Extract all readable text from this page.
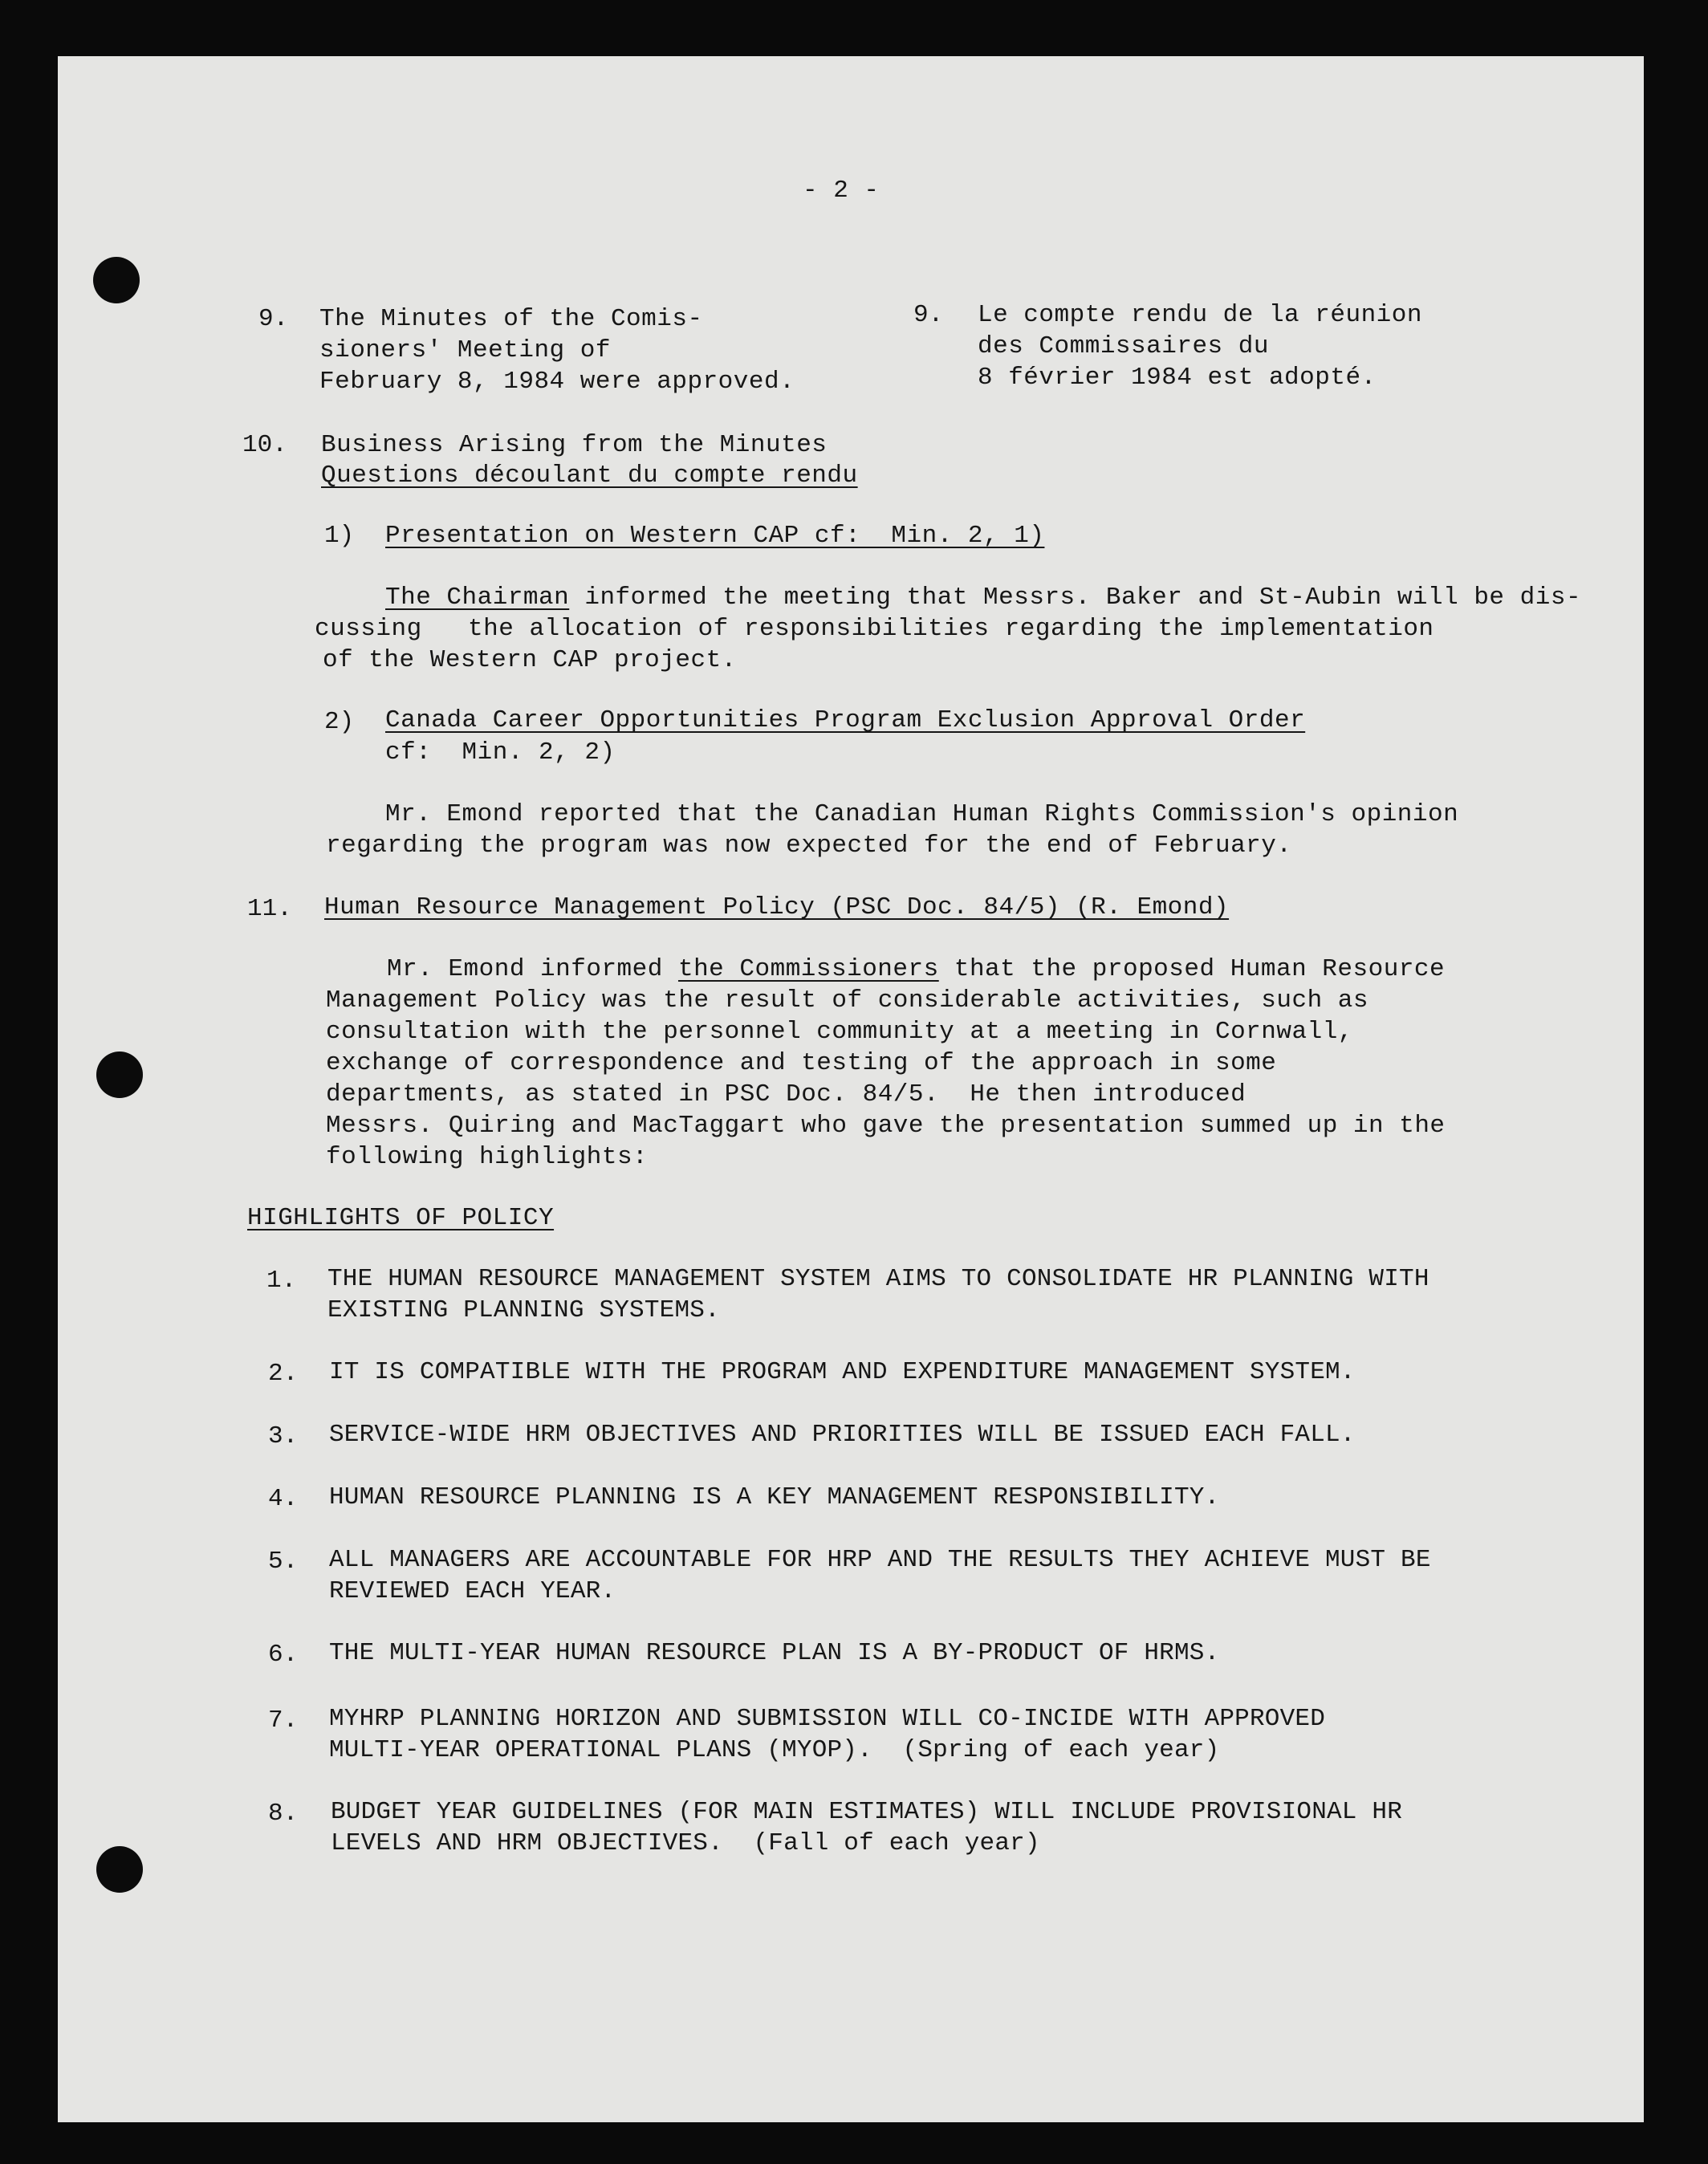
- 2 -
9. The Minutes of the Comis-
sioners' Meeting of
February 8, 1984 were approved.
9. Le compte rendu de la réunion
des Commissaires du
8 février 1984 est adopté.
10. Business Arising from the Minutes
Questions découlant du compte rendu
1) Presentation on Western CAP cf:  Min. 2, 1)
The Chairman informed the meeting that Messrs. Baker and St-Aubin will be dis-
cussing   the allocation of responsibilities regarding the implementation
of the Western CAP project.
2) Canada Career Opportunities Program Exclusion Approval Order
cf:  Min. 2, 2)
Mr. Emond reported that the Canadian Human Rights Commission's opinion
regarding the program was now expected for the end of February.
11. Human Resource Management Policy (PSC Doc. 84/5) (R. Emond)
Mr. Emond informed the Commissioners that the proposed Human Resource
Management Policy was the result of considerable activities, such as
consultation with the personnel community at a meeting in Cornwall,
exchange of correspondence and testing of the approach in some
departments, as stated in PSC Doc. 84/5.  He then introduced
Messrs. Quiring and MacTaggart who gave the presentation summed up in the
following highlights:
HIGHLIGHTS OF POLICY
1. THE HUMAN RESOURCE MANAGEMENT SYSTEM AIMS TO CONSOLIDATE HR PLANNING WITH
EXISTING PLANNING SYSTEMS.
2. IT IS COMPATIBLE WITH THE PROGRAM AND EXPENDITURE MANAGEMENT SYSTEM.
3. SERVICE-WIDE HRM OBJECTIVES AND PRIORITIES WILL BE ISSUED EACH FALL.
4. HUMAN RESOURCE PLANNING IS A KEY MANAGEMENT RESPONSIBILITY.
5. ALL MANAGERS ARE ACCOUNTABLE FOR HRP AND THE RESULTS THEY ACHIEVE MUST BE
REVIEWED EACH YEAR.
6. THE MULTI-YEAR HUMAN RESOURCE PLAN IS A BY-PRODUCT OF HRMS.
7. MYHRP PLANNING HORIZON AND SUBMISSION WILL CO-INCIDE WITH APPROVED
MULTI-YEAR OPERATIONAL PLANS (MYOP).  (Spring of each year)
8. BUDGET YEAR GUIDELINES (FOR MAIN ESTIMATES) WILL INCLUDE PROVISIONAL HR
LEVELS AND HRM OBJECTIVES.  (Fall of each year)
